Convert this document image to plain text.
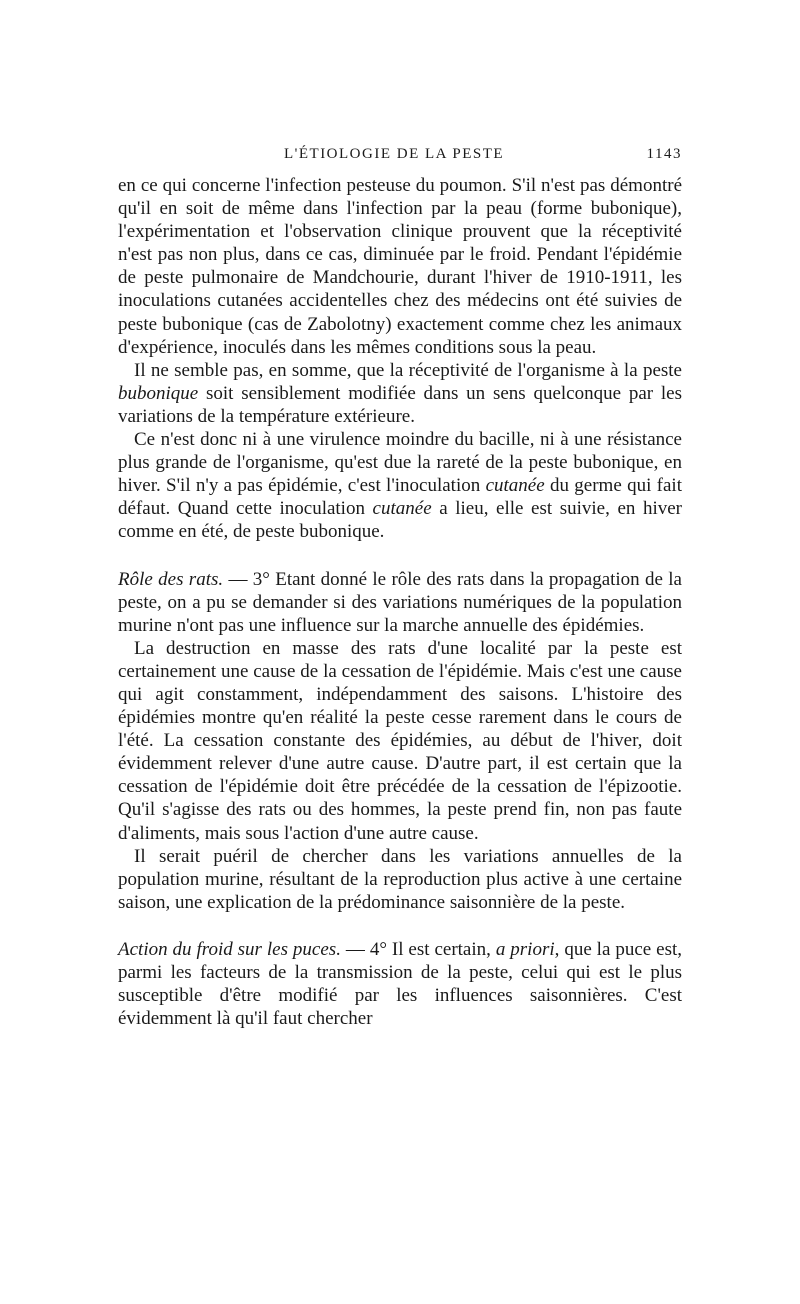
L'ÉTIOLOGIE DE LA PESTE	1143

en ce qui concerne l'infection pesteuse du poumon. S'il n'est pas démontré qu'il en soit de même dans l'infection par la peau (forme bubonique), l'expérimentation et l'observation clinique prouvent que la réceptivité n'est pas non plus, dans ce cas, diminuée par le froid. Pendant l'épidémie de peste pulmonaire de Mandchourie, durant l'hiver de 1910-1911, les inoculations cutanées accidentelles chez des médecins ont été suivies de peste bubonique (cas de Zabolotny) exactement comme chez les animaux d'expérience, inoculés dans les mêmes conditions sous la peau.

Il ne semble pas, en somme, que la réceptivité de l'organisme à la peste bubonique soit sensiblement modifiée dans un sens quelconque par les variations de la température extérieure.

Ce n'est donc ni à une virulence moindre du bacille, ni à une résistance plus grande de l'organisme, qu'est due la rareté de la peste bubonique, en hiver. S'il n'y a pas épidémie, c'est l'inoculation cutanée du germe qui fait défaut. Quand cette inoculation cutanée a lieu, elle est suivie, en hiver comme en été, de peste bubonique.

Rôle des rats. — 3° Etant donné le rôle des rats dans la propagation de la peste, on a pu se demander si des variations numériques de la population murine n'ont pas une influence sur la marche annuelle des épidémies.

La destruction en masse des rats d'une localité par la peste est certainement une cause de la cessation de l'épidémie. Mais c'est une cause qui agit constamment, indépendamment des saisons. L'histoire des épidémies montre qu'en réalité la peste cesse rarement dans le cours de l'été. La cessation constante des épidémies, au début de l'hiver, doit évidemment relever d'une autre cause. D'autre part, il est certain que la cessation de l'épidémie doit être précédée de la cessation de l'épizootie. Qu'il s'agisse des rats ou des hommes, la peste prend fin, non pas faute d'aliments, mais sous l'action d'une autre cause.

Il serait puéril de chercher dans les variations annuelles de la population murine, résultant de la reproduction plus active à une certaine saison, une explication de la prédominance saisonnière de la peste.

Action du froid sur les puces. — 4° Il est certain, a priori, que la puce est, parmi les facteurs de la transmission de la peste, celui qui est le plus susceptible d'être modifié par les influences saisonnières. C'est évidemment là qu'il faut chercher
